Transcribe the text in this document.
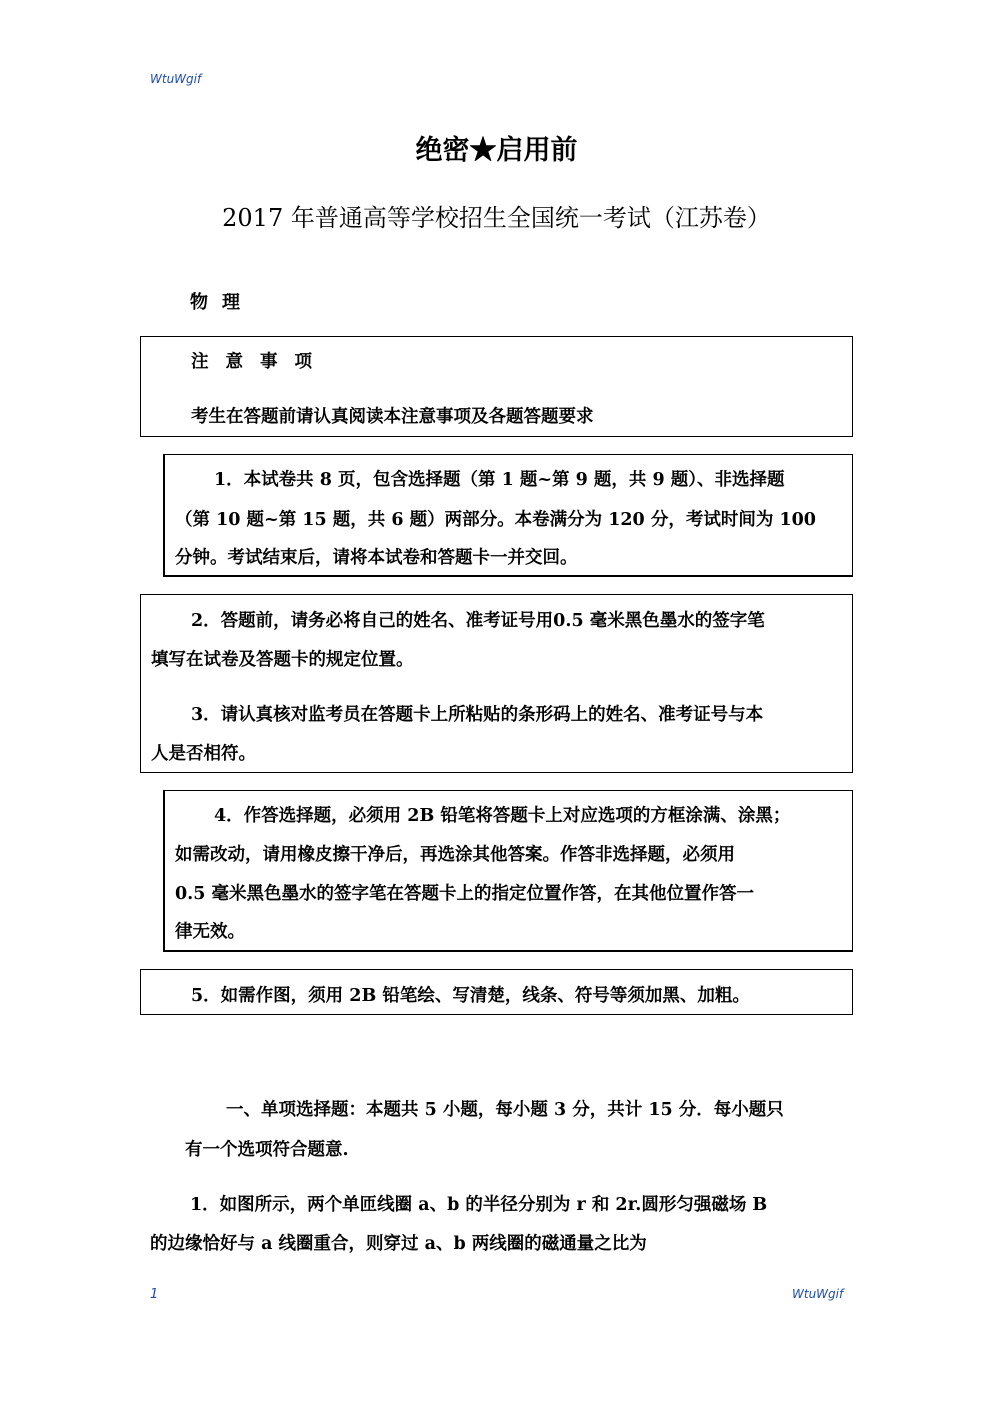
WtuWgif
绝密★启用前
2017 年普通高等学校招生全国统一考试（江苏卷）
物理
注意事项
考生在答题前请认真阅读本注意事项及各题答题要求
1．本试卷共 8 页，包含选择题（第 1 题~第 9 题，共 9 题）、非选择题
（第 10 题~第 15 题，共 6 题）两部分。本卷满分为 120 分，考试时间为 100
分钟。考试结束后，请将本试卷和答题卡一并交回。
2．答题前，请务必将自己的姓名、准考证号用0.5 毫米黑色墨水的签字笔
填写在试卷及答题卡的规定位置。
3．请认真核对监考员在答题卡上所粘贴的条形码上的姓名、准考证号与本
人是否相符。
4．作答选择题，必须用 2B 铅笔将答题卡上对应选项的方框涂满、涂黑；
如需改动，请用橡皮擦干净后，再选涂其他答案。作答非选择题，必须用
0.5 毫米黑色墨水的签字笔在答题卡上的指定位置作答，在其他位置作答一
律无效。
5．如需作图，须用 2B 铅笔绘、写清楚，线条、符号等须加黑、加粗。
一、单项选择题：本题共 5 小题，每小题 3 分，共计 15 分．每小题只
有一个选项符合题意.
1．如图所示，两个单匝线圈 a、b 的半径分别为 r 和 2r.圆形匀强磁场 B
的边缘恰好与 a 线圈重合，则穿过 a、b 两线圈的磁通量之比为
1	WtuWgif
